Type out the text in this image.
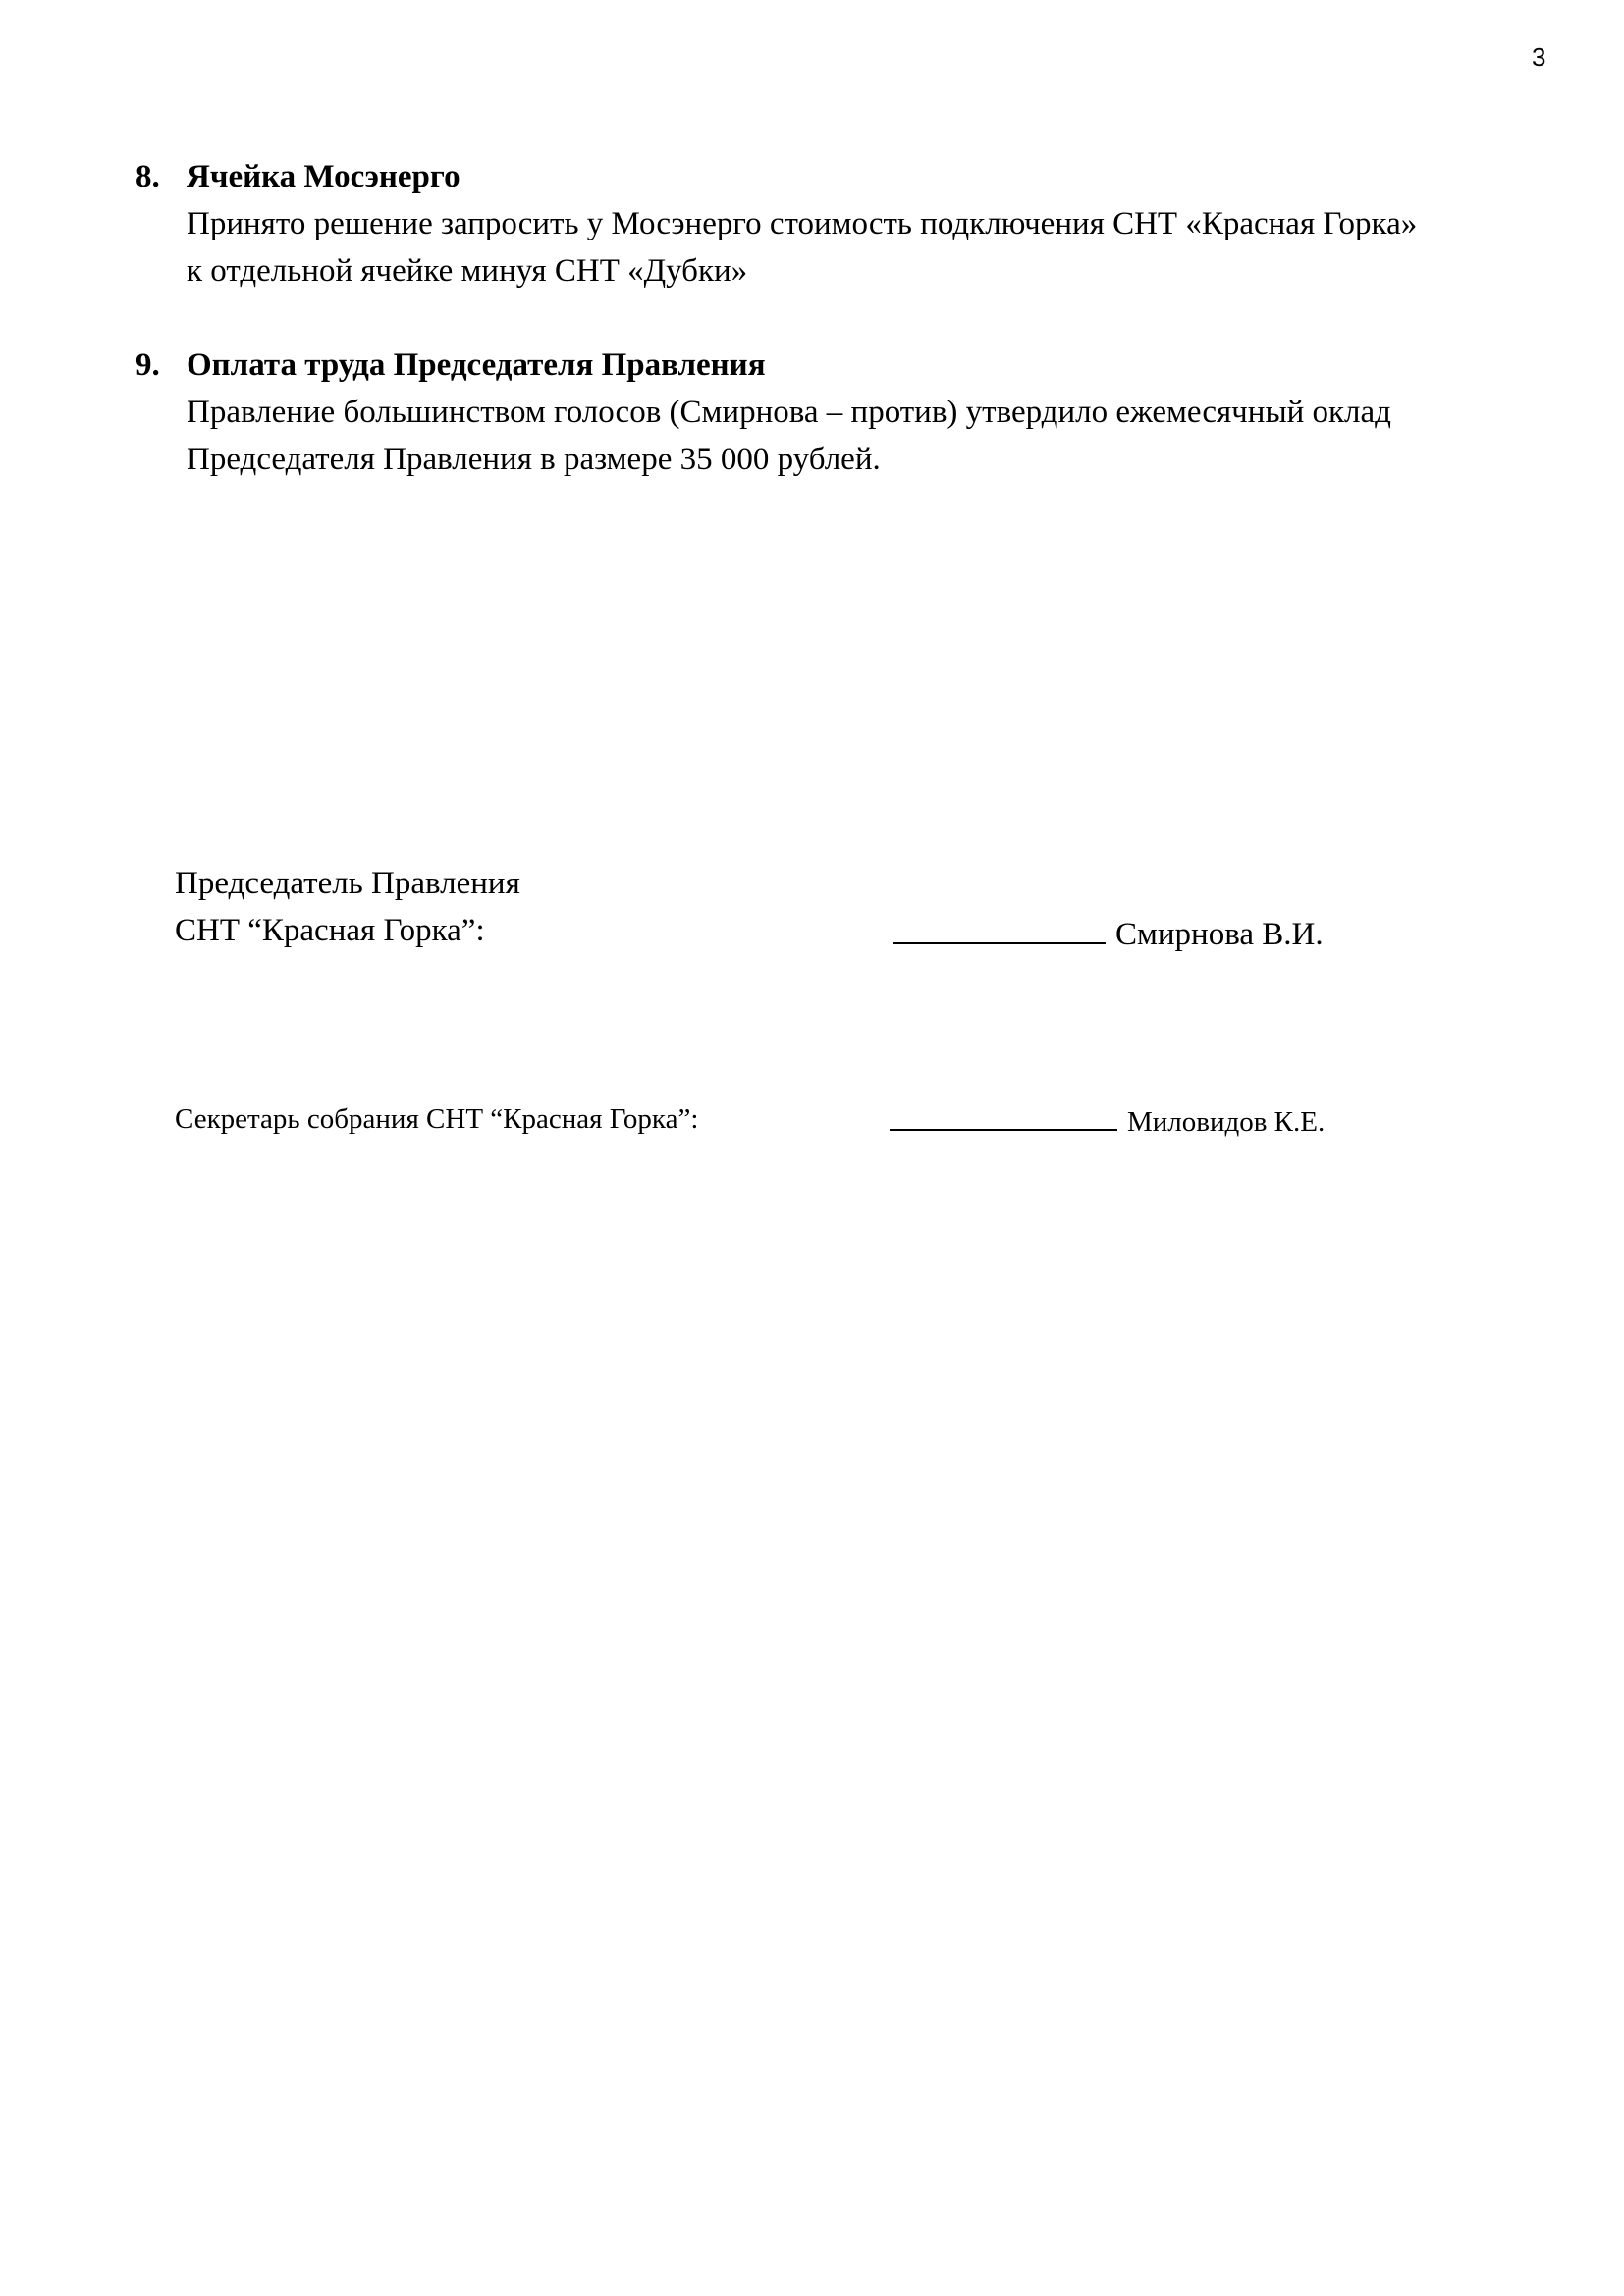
3
8. Ячейка Мосэнерго

Принято решение запросить у Мосэнерго стоимость подключения СНТ «Красная Горка»

к отдельной ячейке минуя СНТ «Дубки»

9. Оплата труда Председателя Правления

Правление большинством голосов (Смирнова – против) утвердило ежемесячный оклад

Председателя Правления в размере 35 000 рублей.

Председатель Правления
СНТ “Красная Горка”:	Смирнова В.И.
Секретарь собрания СНТ “Красная Горка”:	Миловидов К.Е.
